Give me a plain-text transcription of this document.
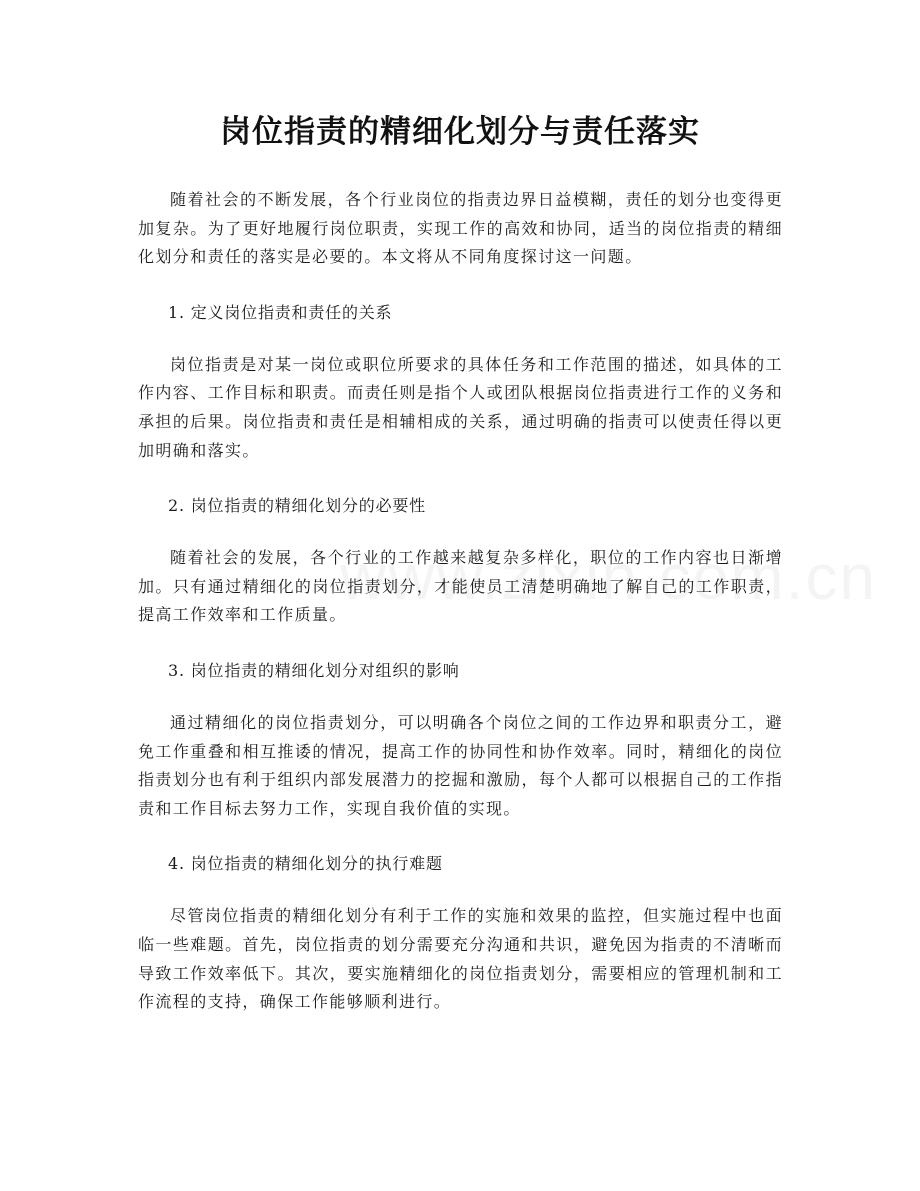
岗位指责的精细化划分与责任落实

随着社会的不断发展，各个行业岗位的指责边界日益模糊，责任的划分也变得更加复杂。为了更好地履行岗位职责，实现工作的高效和协同，适当的岗位指责的精细化划分和责任的落实是必要的。本文将从不同角度探讨这一问题。

1. 定义岗位指责和责任的关系

岗位指责是对某一岗位或职位所要求的具体任务和工作范围的描述，如具体的工作内容、工作目标和职责。而责任则是指个人或团队根据岗位指责进行工作的义务和承担的后果。岗位指责和责任是相辅相成的关系，通过明确的指责可以使责任得以更加明确和落实。

2. 岗位指责的精细化划分的必要性

随着社会的发展，各个行业的工作越来越复杂多样化，职位的工作内容也日渐增加。只有通过精细化的岗位指责划分，才能使员工清楚明确地了解自己的工作职责，提高工作效率和工作质量。

3. 岗位指责的精细化划分对组织的影响

通过精细化的岗位指责划分，可以明确各个岗位之间的工作边界和职责分工，避免工作重叠和相互推诿的情况，提高工作的协同性和协作效率。同时，精细化的岗位指责划分也有利于组织内部发展潜力的挖掘和激励，每个人都可以根据自己的工作指责和工作目标去努力工作，实现自我价值的实现。

4. 岗位指责的精细化划分的执行难题

尽管岗位指责的精细化划分有利于工作的实施和效果的监控，但实施过程中也面临一些难题。首先，岗位指责的划分需要充分沟通和共识，避免因为指责的不清晰而导致工作效率低下。其次，要实施精细化的岗位指责划分，需要相应的管理机制和工作流程的支持，确保工作能够顺利进行。
